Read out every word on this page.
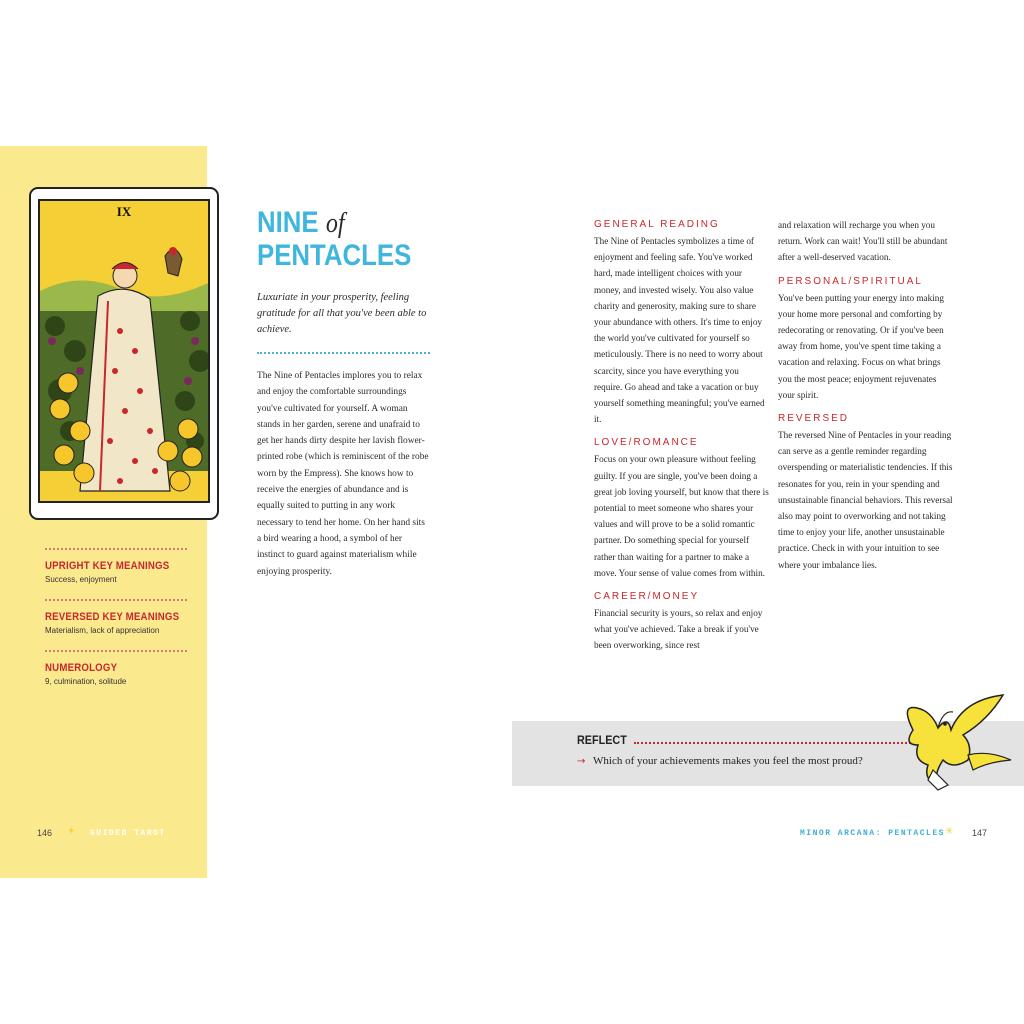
IX
UPRIGHT KEY MEANINGS
Success, enjoyment
REVERSED KEY MEANINGS
Materialism, lack of appreciation
NUMEROLOGY
9, culmination, solitude
146 ✦ GUIDED TAROT
NINE of
PENTACLES
Luxuriate in your prosperity, feeling gratitude for all that you've been able to achieve.
The Nine of Pentacles implores you to relax and enjoy the comfortable surroundings you've cultivated for yourself. A woman stands in her garden, serene and unafraid to get her hands dirty despite her lavish flower-printed robe (which is reminiscent of the robe worn by the Empress). She knows how to receive the energies of abundance and is equally suited to putting in any work necessary to tend her home. On her hand sits a bird wearing a hood, a symbol of her instinct to guard against materialism while enjoying prosperity.
GENERAL READING
The Nine of Pentacles symbolizes a time of enjoyment and feeling safe. You've worked hard, made intelligent choices with your money, and invested wisely. You also value charity and generosity, making sure to share your abundance with others. It's time to enjoy the world you've cultivated for yourself so meticulously. There is no need to worry about scarcity, since you have everything you require. Go ahead and take a vacation or buy yourself something meaningful; you've earned it.
LOVE/ROMANCE
Focus on your own pleasure without feeling guilty. If you are single, you've been doing a great job loving yourself, but know that there is potential to meet someone who shares your values and will prove to be a solid romantic partner. Do something special for yourself rather than waiting for a partner to make a move. Your sense of value comes from within.
CAREER/MONEY
Financial security is yours, so relax and enjoy what you've achieved. Take a break if you've been overworking, since rest
and relaxation will recharge you when you return. Work can wait! You'll still be abundant after a well-deserved vacation.
PERSONAL/SPIRITUAL
You've been putting your energy into making your home more personal and comforting by redecorating or renovating. Or if you've been away from home, you've spent time taking a vacation and relaxing. Focus on what brings you the most peace; enjoyment rejuvenates your spirit.
REVERSED
The reversed Nine of Pentacles in your reading can serve as a gentle reminder regarding overspending or materialistic tendencies. If this resonates for you, rein in your spending and unsustainable financial behaviors. This reversal also may point to overworking and not taking time to enjoy your life, another unsustainable practice. Check in with your intuition to see where your imbalance lies.
REFLECT
→ Which of your achievements makes you feel the most proud?
MINOR ARCANA: PENTACLES ✳ 147
